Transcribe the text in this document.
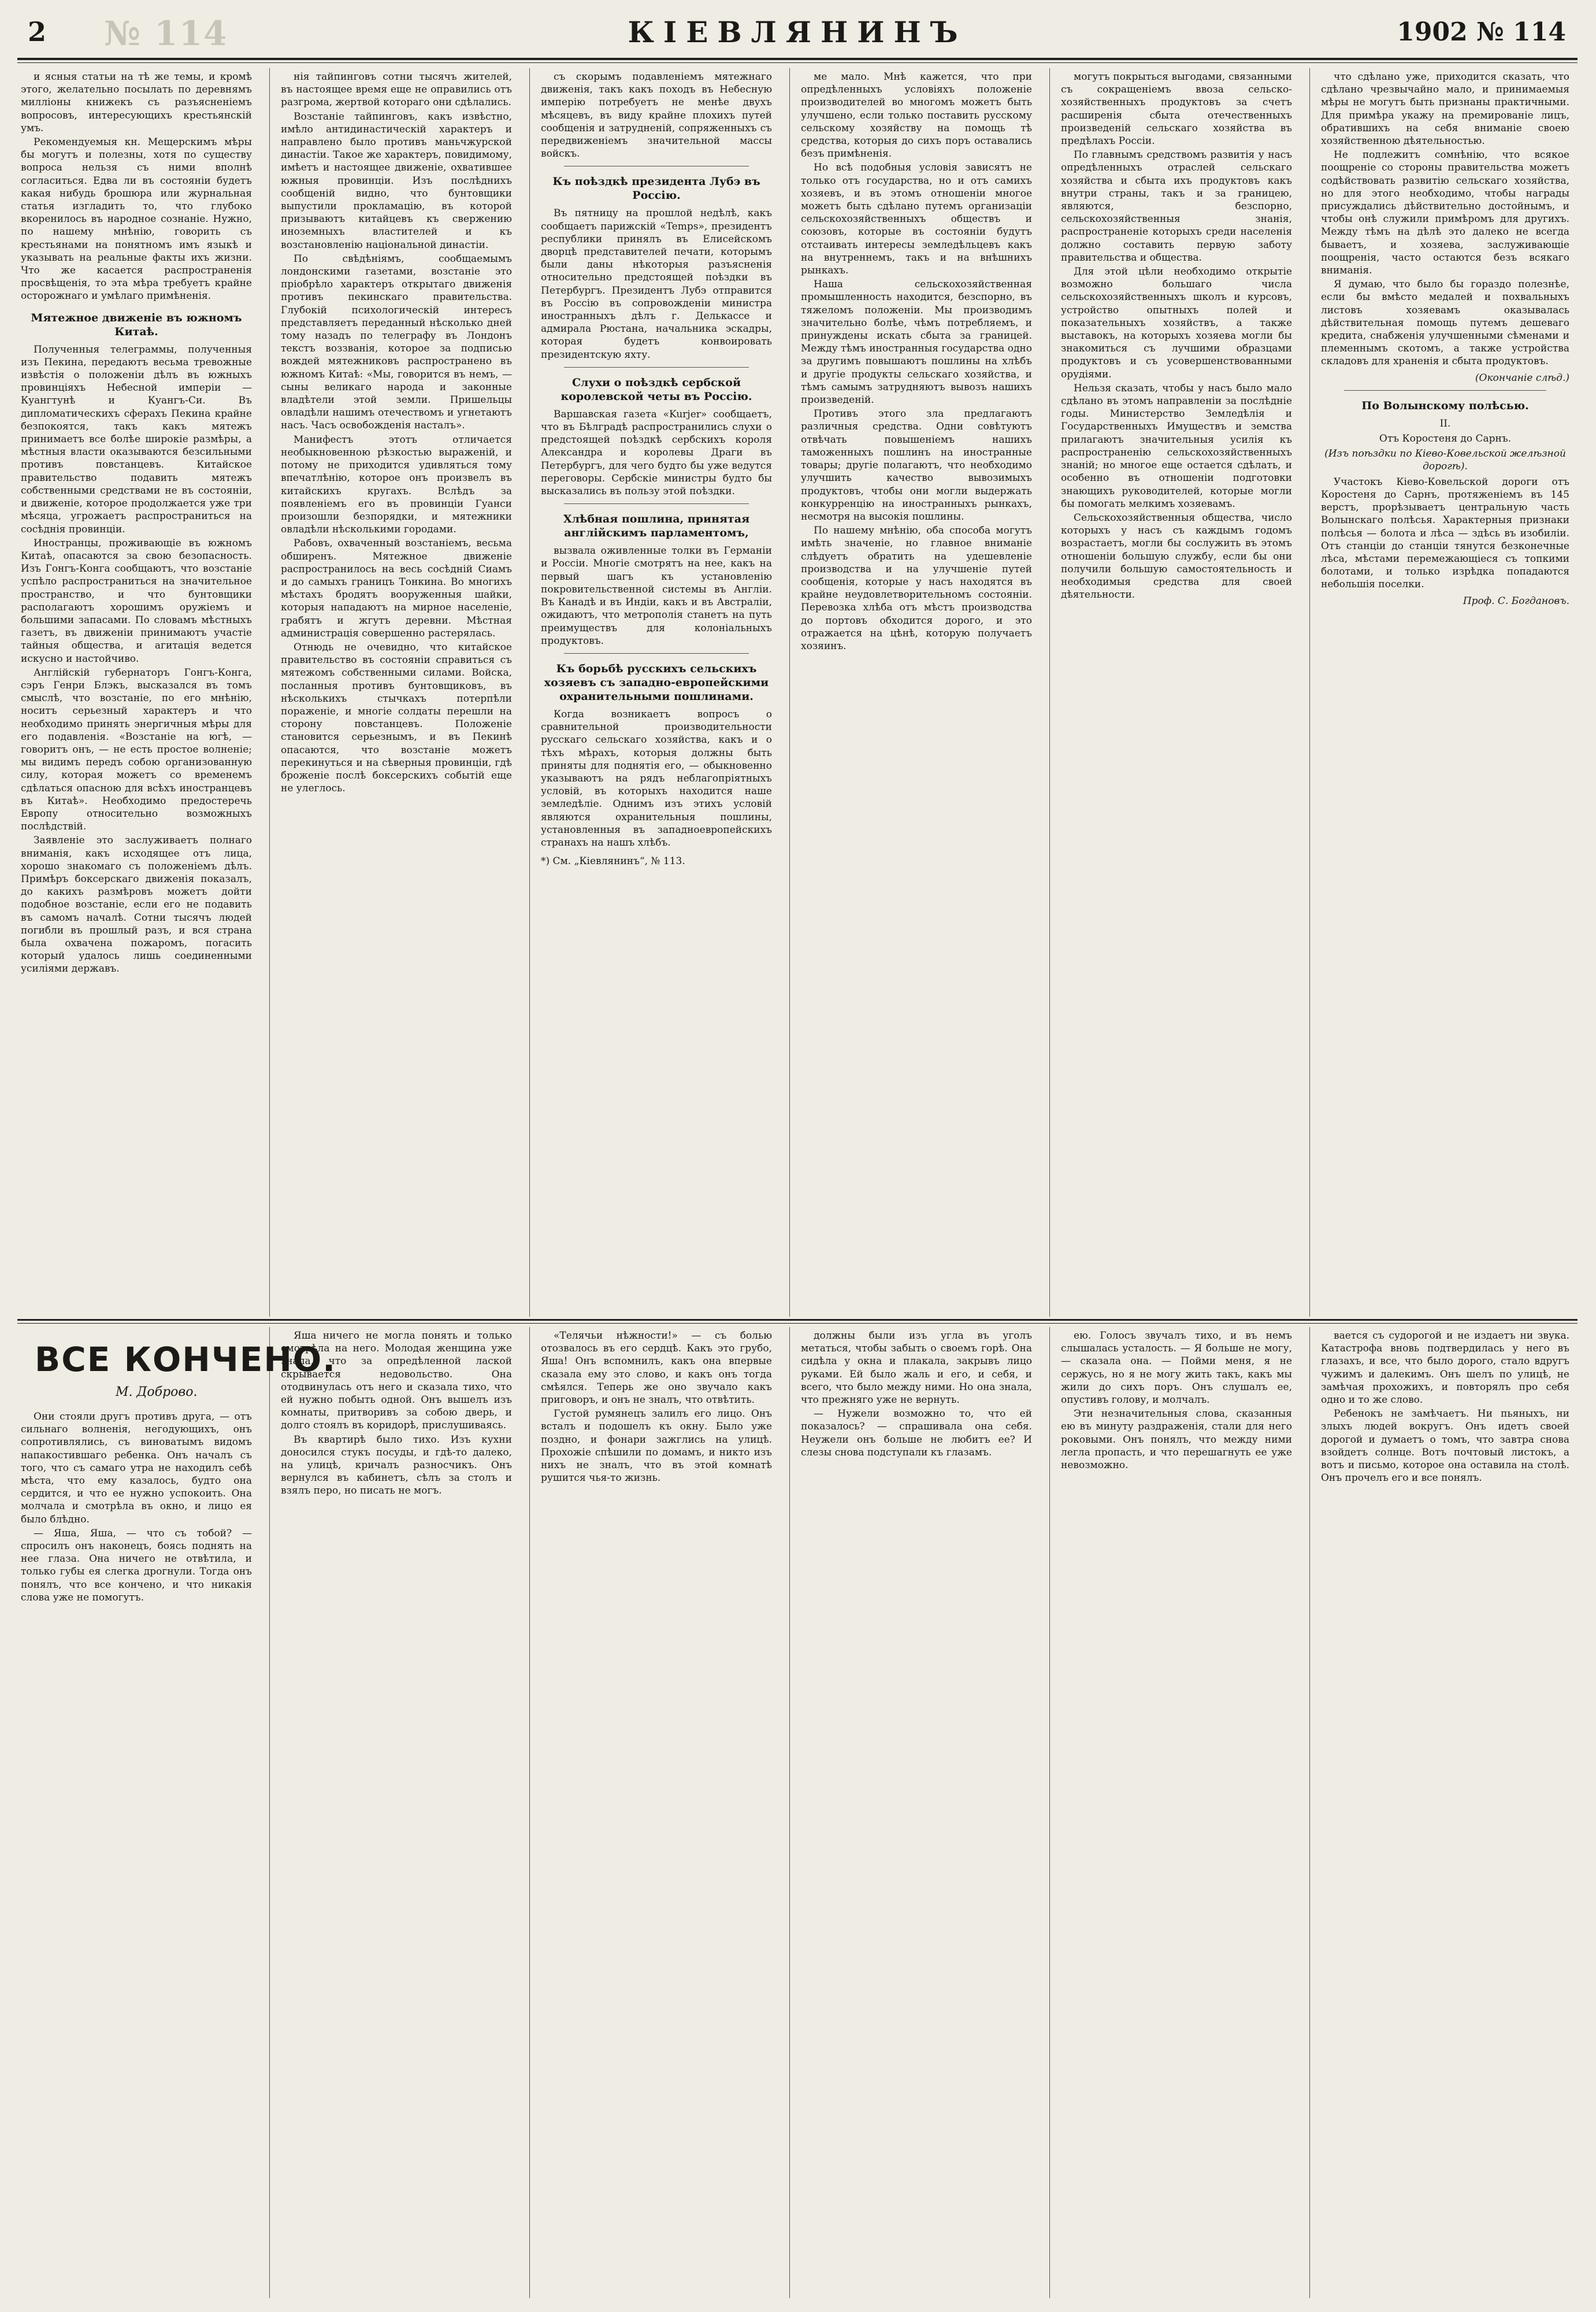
2 № 114	КІЕВЛЯНИНЪ	1902 № 114

и ясныя статьи на тѣ же темы, и кромѣ этого, желательно посылать по деревнямъ милліоны книжекъ съ разъясненіемъ вопросовъ, интересующихъ крестьянскій умъ.

Рекомендуемыя кн. Мещерскимъ мѣры бы могутъ и полезны, хотя по существу вопроса нельзя съ ними вполнѣ согласиться. Едва ли въ состояніи будетъ какая нибудь брошюра или журнальная статья изгладить то, что глубоко вкоренилось въ народное сознаніе. Нужно, по нашему мнѣнію, говорить съ крестьянами на понятномъ имъ языкѣ и указывать на реальные факты ихъ жизни. Что же касается распространенія просвѣщенія, то эта мѣра требуетъ крайне осторожнаго и умѣлаго примѣненія.

Мятежное движеніе въ южномъ Китаѣ.

Полученныя телеграммы, полученныя изъ Пекина, передаютъ весьма тревожные извѣстія о положеніи дѣлъ въ южныхъ провинціяхъ Небесной имперіи — Куангтунѣ и Куангъ-Си. Въ дипломатическихъ сферахъ Пекина крайне безпокоятся, такъ какъ мятежъ принимаетъ все болѣе широкіе размѣры, а мѣстныя власти оказываются безсильными противъ повстанцевъ. Китайское правительство подавить мятежъ собственными средствами не въ состояніи, и движеніе, которое продолжается уже три мѣсяца, угрожаетъ распространиться на сосѣднія провинціи.

Иностранцы, проживающіе въ южномъ Китаѣ, опасаются за свою безопасность. Изъ Гонгъ-Конга сообщаютъ, что возстаніе успѣло распространиться на значительное пространство, и что бунтовщики располагаютъ хорошимъ оружіемъ и большими запасами. По словамъ мѣстныхъ газетъ, въ движеніи принимаютъ участіе тайныя общества, и агитація ведется искусно и настойчиво.

Англійскій губернаторъ Гонгъ-Конга, сэръ Генри Блэкъ, высказался въ томъ смыслѣ, что возстаніе, по его мнѣнію, носитъ серьезный характеръ и что необходимо принять энергичныя мѣры для его подавленія. «Возстаніе на югѣ, — говоритъ онъ, — не есть простое волненіе; мы видимъ передъ собою организованную силу, которая можетъ со временемъ сдѣлаться опасною для всѣхъ иностранцевъ въ Китаѣ». Необходимо предостеречь Европу относительно возможныхъ послѣдствій.

Заявленіе это заслуживаетъ полнаго вниманія, какъ исходящее отъ лица, хорошо знакомаго съ положеніемъ дѣлъ. Примѣръ боксерскаго движенія показалъ, до какихъ размѣровъ можетъ дойти подобное возстаніе, если его не подавить въ самомъ началѣ. Сотни тысячъ людей погибли въ прошлый разъ, и вся страна была охвачена пожаромъ, погасить который удалось лишь соединенными усиліями державъ.

нія тайпинговъ сотни тысячъ жителей, въ настоящее время еще не оправились отъ разгрома, жертвой котораго они сдѣлались.

Возстаніе тайпинговъ, какъ извѣстно, имѣло антидинастическій характеръ и направлено было противъ маньчжурской династіи. Такое же характеръ, повидимому, имѣетъ и настоящее движеніе, охватившее южныя провинціи. Изъ послѣднихъ сообщеній видно, что бунтовщики выпустили прокламацію, въ которой призываютъ китайцевъ къ свержению иноземныхъ властителей и къ возстановленію національной династіи.

По свѣдѣніямъ, сообщаемымъ лондонскими газетами, возстаніе это пріобрѣло характеръ открытаго движенія противъ пекинскаго правительства. Глубокій психологическій интересъ представляетъ переданный нѣсколько дней тому назадъ по телеграфу въ Лондонъ текстъ воззванія, которое за подписью вождей мятежниковъ распространено въ южномъ Китаѣ: «Мы, говорится въ немъ, — сыны великаго народа и законные владѣтели этой земли. Пришельцы овладѣли нашимъ отечествомъ и угнетаютъ насъ. Часъ освобожденія насталъ».

Манифестъ этотъ отличается необыкновенною рѣзкостью выраженій, и потому не приходится удивляться тому впечатлѣнію, которое онъ произвелъ въ китайскихъ кругахъ. Вслѣдъ за появленіемъ его въ провинціи Гуанси произошли безпорядки, и мятежники овладѣли нѣсколькими городами.

Рабовъ, охваченный возстаніемъ, весьма обширенъ. Мятежное движеніе распространилось на весь соcѣдній Сиамъ и до самыхъ границъ Тонкина. Во многихъ мѣстахъ бродятъ вооруженныя шайки, которыя нападаютъ на мирное населеніе, грабятъ и жгутъ деревни. Мѣстная администрація совершенно растерялась.

Отнюдь не очевидно, что китайское правительство въ состояніи справиться съ мятежомъ собственными силами. Войска, посланныя противъ бунтовщиковъ, въ нѣсколькихъ стычкахъ потерпѣли пораженіе, и многіе солдаты перешли на сторону повстанцевъ. Положеніе становится серьезнымъ, и въ Пекинѣ опасаются, что возстаніе можетъ перекинуться и на сѣверныя провинціи, гдѣ броженіе послѣ боксерскихъ событій еще не улеглось.

съ скорымъ подавленіемъ мятежнаго движенія, такъ какъ походъ въ Небесную имперію потребуетъ не менѣе двухъ мѣсяцевъ, въ виду крайне плохихъ путей сообщенія и затрудненій, сопряженныхъ съ передвиженіемъ значительной массы войскъ.

Къ поѣздкѣ президента Лубэ въ Россію.

Въ пятницу на прошлой недѣлѣ, какъ сообщаетъ парижскій «Temps», президентъ республики принялъ въ Елисейскомъ дворцѣ представителей печати, которымъ были даны нѣкоторыя разъясненія относительно предстоящей поѣздки въ Петербургъ. Президентъ Лубэ отправится въ Россію въ сопровожденіи министра иностранныхъ дѣлъ г. Делькассе и адмирала Рюстана, начальника эскадры, которая будетъ конвоировать президентскую яхту.

Слухи о поѣздкѣ сербской королевской четы въ Россію.

Варшавская газета «Kurjer» сообщаетъ, что въ Бѣлградѣ распространились слухи о предстоящей поѣздкѣ сербскихъ короля Александра и королевы Драги въ Петербургъ, для чего будто бы уже ведутся переговоры. Сербскіе министры будто бы высказались въ пользу этой поѣздки.

Хлѣбная пошлина, принятая англійскимъ парламентомъ,

вызвала оживленные толки въ Германіи и Россіи. Многіе смотрятъ на нее, какъ на первый шагъ къ установленію покровительственной системы въ Англіи. Въ Канадѣ и въ Индіи, какъ и въ Австраліи, ожидаютъ, что метрополія станетъ на путь преимуществъ для колоніальныхъ продуктовъ.

Къ борьбѣ русскихъ сельскихъ хозяевъ съ западно-европейскими охранительными пошлинами.

Когда возникаетъ вопросъ о сравнительной производительности русскаго сельскаго хозяйства, какъ и о тѣхъ мѣрахъ, которыя должны быть приняты для поднятія его, — обыкновенно указываютъ на рядъ неблагопріятныхъ условій, въ которыхъ находится наше земледѣліе. Однимъ изъ этихъ условій являются охранительныя пошлины, установленныя въ западноевропейскихъ странахъ на нашъ хлѣбъ.

*) См. „Кіевлянинъ“, № 113.

ме мало. Мнѣ кажется, что при опредѣленныхъ условіяхъ положеніе производителей во многомъ можетъ быть улучшено, если только поставить русскому сельскому хозяйству на помощь тѣ средства, которыя до сихъ поръ оставались безъ примѣненія.

Но всѣ подобныя условія зависятъ не только отъ государства, но и отъ самихъ хозяевъ, и въ этомъ отношеніи многое можетъ быть сдѣлано путемъ организаціи сельскохозяйственныхъ обществъ и союзовъ, которые въ состояніи будутъ отстаивать интересы земледѣльцевъ какъ на внутреннемъ, такъ и на внѣшнихъ рынкахъ.

Наша сельскохозяйственная промышленность находится, безспорно, въ тяжеломъ положеніи. Мы производимъ значительно болѣе, чѣмъ потребляемъ, и принуждены искать сбыта за границей. Между тѣмъ иностранныя государства одно за другимъ повышаютъ пошлины на хлѣбъ и другіе продукты сельскаго хозяйства, и тѣмъ самымъ затрудняютъ вывозъ нашихъ произведеній.

Противъ этого зла предлагаютъ различныя средства. Одни совѣтуютъ отвѣчать повышеніемъ нашихъ таможенныхъ пошлинъ на иностранные товары; другіе полагаютъ, что необходимо улучшить качество вывозимыхъ продуктовъ, чтобы они могли выдержать конкурренцію на иностранныхъ рынкахъ, несмотря на высокія пошлины.

По нашему мнѣнію, оба способа могутъ имѣть значеніе, но главное вниманіе слѣдуетъ обратить на удешевленіе производства и на улучшеніе путей сообщенія, которые у насъ находятся въ крайне неудовлетворительномъ состояніи. Перевозка хлѣба отъ мѣстъ производства до портовъ обходится дорого, и это отражается на цѣнѣ, которую получаетъ хозяинъ.

могутъ покрыться выгодами, связанными съ сокращеніемъ ввоза сельско-хозяйственныхъ продуктовъ за счетъ расширенія сбыта отечественныхъ произведеній сельскаго хозяйства въ предѣлахъ Россіи.

По главнымъ средствомъ развитія у насъ опредѣленныхъ отраслей сельскаго хозяйства и сбыта ихъ продуктовъ какъ внутри страны, такъ и за границею, являются, безспорно, сельскохозяйственныя знанія, распространеніе которыхъ среди населенія должно составить первую заботу правительства и общества.

Для этой цѣли необходимо открытіе возможно большаго числа сельскохозяйственныхъ школъ и курсовъ, устройство опытныхъ полей и показательныхъ хозяйствъ, а также выставокъ, на которыхъ хозяева могли бы знакомиться съ лучшими образцами продуктовъ и съ усовершенствованными орудіями.

Нельзя сказать, чтобы у насъ было мало сдѣлано въ этомъ направленіи за послѣдніе годы. Министерство Земледѣлія и Государственныхъ Имуществъ и земства прилагаютъ значительныя усилія къ распространенію сельскохозяйственныхъ знаній; но многое еще остается сдѣлать, и особенно въ отношеніи подготовки знающихъ руководителей, которые могли бы помогать мелкимъ хозяевамъ.

Сельскохозяйственныя общества, число которыхъ у насъ съ каждымъ годомъ возрастаетъ, могли бы сослужить въ этомъ отношеніи большую службу, если бы они получили большую самостоятельность и необходимыя средства для своей дѣятельности.

что сдѣлано уже, приходится сказать, что сдѣлано чрезвычайно мало, и принимаемыя мѣры не могутъ быть признаны практичными. Для примѣра укажу на премированіе лицъ, обратившихъ на себя вниманіе своею хозяйственною дѣятельностью.

Не подлежитъ сомнѣнію, что всякое поощреніе со стороны правительства можетъ содѣйствовать развитію сельскаго хозяйства, но для этого необходимо, чтобы награды присуждались дѣйствительно достойнымъ, и чтобы онѣ служили примѣромъ для другихъ. Между тѣмъ на дѣлѣ это далеко не всегда бываетъ, и хозяева, заслуживающіе поощренія, часто остаются безъ всякаго вниманія.

Я думаю, что было бы гораздо полезнѣе, если бы вмѣсто медалей и похвальныхъ листовъ хозяевамъ оказывалась дѣйствительная помощь путемъ дешеваго кредита, снабженія улучшенными сѣменами и племеннымъ скотомъ, а также устройства складовъ для храненія и сбыта продуктовъ.

(Окончаніе слѣд.)
По Волынскому полѣсью.
II.
Отъ Коростеня до Сарнъ.
(Изъ поѣздки по Кіево-Ковельской желѣзной дорогѣ).

Участокъ Кіево-Ковельской дороги отъ Коростеня до Сарнъ, протяженіемъ въ 145 верстъ, прорѣзываетъ центральную часть Волынскаго полѣсья. Характерныя признаки полѣсья — болота и лѣса — здѣсь въ изобиліи. Отъ станціи до станціи тянутся безконечные лѣса, мѣстами перемежающіеся съ топкими болотами, и только изрѣдка попадаются небольшія поселки.

Проф. С. Богдановъ.
ВСЕ КОНЧЕНО.
М. Доброво.

Они стояли другъ противъ друга, — отъ сильнаго волненія, негодующихъ, онъ сопротивлялись, съ виноватымъ видомъ напакостившаго ребенка. Онъ началъ съ того, что съ самаго утра не находилъ себѣ мѣста, что ему казалось, будто она сердится, и что ее нужно успокоить. Она молчала и смотрѣла въ окно, и лицо ея было блѣдно.

— Яша, Яша, — что съ тобой? — спросилъ онъ наконецъ, боясь поднять на нее глаза. Она ничего не отвѣтила, и только губы ея слегка дрогнули. Тогда онъ понялъ, что все кончено, и что никакія слова уже не помогутъ.

Яша ничего не могла понять и только смотрѣла на него. Молодая женщина уже знала, что за опредѣленной лаской скрывается недовольство. Она отодвинулась отъ него и сказала тихо, что ей нужно побыть одной. Онъ вышелъ изъ комнаты, притворивъ за собою дверь, и долго стоялъ въ коридорѣ, прислушиваясь.

Въ квартирѣ было тихо. Изъ кухни доносился стукъ посуды, и гдѣ-то далеко, на улицѣ, кричалъ разносчикъ. Онъ вернулся въ кабинетъ, сѣлъ за столъ и взялъ перо, но писать не могъ.

«Телячьи нѣжности!» — съ болью отозвалось въ его сердцѣ. Какъ это грубо, Яша! Онъ вспомнилъ, какъ она впервые сказала ему это слово, и какъ онъ тогда смѣялся. Теперь же оно звучало какъ приговоръ, и онъ не зналъ, что отвѣтить.

Густой румянецъ залилъ его лицо. Онъ всталъ и подошелъ къ окну. Было уже поздно, и фонари зажглись на улицѣ. Прохожіе спѣшили по домамъ, и никто изъ нихъ не зналъ, что въ этой комнатѣ рушится чья-то жизнь.

должны были изъ угла въ уголъ метаться, чтобы забыть о своемъ горѣ. Она сидѣла у окна и плакала, закрывъ лицо руками. Ей было жаль и его, и себя, и всего, что было между ними. Но она знала, что прежняго уже не вернуть.

— Нужели возможно то, что ей показалось? — спрашивала она себя. Неужели онъ больше не любитъ ее? И слезы снова подступали къ глазамъ.

ею. Голосъ звучалъ тихо, и въ немъ слышалась усталость. — Я больше не могу, — сказала она. — Пойми меня, я не сержусь, но я не могу жить такъ, какъ мы жили до сихъ поръ. Онъ слушалъ ее, опустивъ голову, и молчалъ.

Эти незначительныя слова, сказанныя ею въ минуту раздраженія, стали для него роковыми. Онъ понялъ, что между ними легла пропасть, и что перешагнуть ее уже невозможно.

вается съ судорогой и не издаетъ ни звука. Катастрофа вновь подтвердилась у него въ глазахъ, и все, что было дорого, стало вдругъ чужимъ и далекимъ. Онъ шелъ по улицѣ, не замѣчая прохожихъ, и повторялъ про себя одно и то же слово.

Ребенокъ не замѣчаетъ. Ни пьяныхъ, ни злыхъ людей вокругъ. Онъ идетъ своей дорогой и думаетъ о томъ, что завтра снова взойдетъ солнце. Вотъ почтовый листокъ, а вотъ и письмо, которое она оставила на столѣ. Онъ прочелъ его и все понялъ.
